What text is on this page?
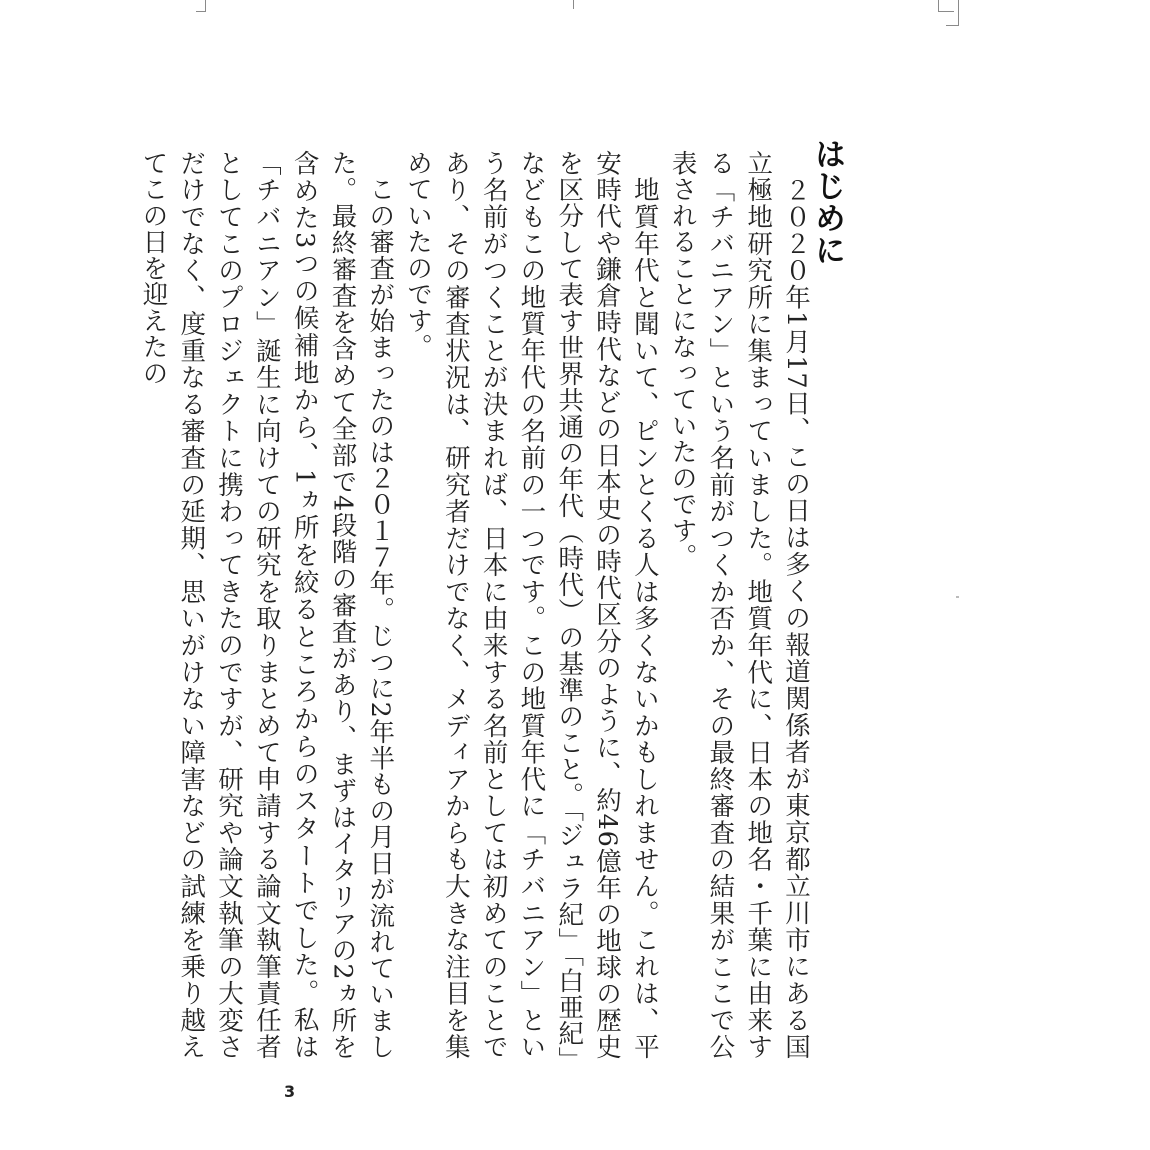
はじめに
　２０２０年1月17日、この日は多くの報道関係者が東京都立川市にある国立極地研究所に集まっていました。地質年代に、日本の地名・千葉に由来する「チバニアン」という名前がつくか否か、その最終審査の結果がここで公表されることになっていたのです。
　地質年代と聞いて、ピンとくる人は多くないかもしれません。これは、平安時代や鎌倉時代などの日本史の時代区分のように、約46億年の地球の歴史を区分して表す世界共通の年代（時代）の基準のこと。「ジュラ紀」「白亜紀」などもこの地質年代の名前の一つです。この地質年代に「チバニアン」という名前がつくことが決まれば、日本に由来する名前としては初めてのことであり、その審査状況は、研究者だけでなく、メディアからも大きな注目を集めていたのです。
　この審査が始まったのは２０１７年。じつに2年半もの月日が流れていました。最終審査を含めて全部で4段階の審査があり、まずはイタリアの2ヵ所を含めた3つの候補地から、1ヵ所を絞るところからのスタートでした。私は「チバニアン」誕生に向けての研究を取りまとめて申請する論文執筆責任者としてこのプロジェクトに携わってきたのですが、研究や論文執筆の大変さだけでなく、度重なる審査の延期、思いがけない障害などの試練を乗り越えてこの日を迎えたの
3
